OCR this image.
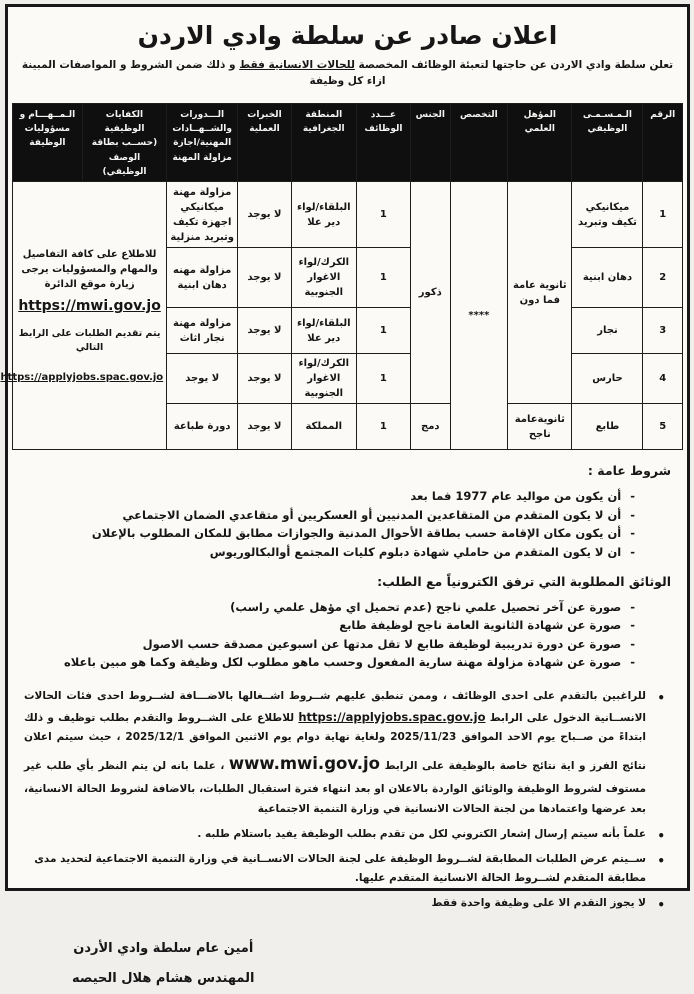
اعلان صادر عن سلطة وادي الاردن

تعلن سلطة وادي الاردن عن حاجتها لتعبئة الوظائف المخصصة للحالات الانسانية فقط و ذلك ضمن الشروط و المواصفات المبينة ازاء كل وظيفة

الرقم	الـمـسـمـى الوظيفي	المؤهل العلمي	التخصص	الجنس	عـــدد الوظائف	المنطقة الجغرافية	الخبرات العملية	الـــدورات والشــهــادات المهنية/اجازة مزاولة المهنة	الكفايات الوظيفية (حســب بطاقة الوصف الوظيفي)	الـمــهـــام و مسؤوليات الوظيفة
1	ميكانيكي تكيف وتبريد	ثانوية عامة فما دون	****	ذكور	1	البلقاء/لواء دير علا	لا يوجد	مزاولة مهنة ميكانيكي اجهزة تكيف وتبريد منزلية	للاطلاع على كافة التفاصيل والمهام والمسؤوليات يرجى زيارة موقع الدائرة
https://mwi.gov.jo
يتم تقديم الطلبات على الرابط التالي
https://applyjobs.spac.gov.jo	
2	دهان ابنية				1	الكرك/لواء الاغوار الجنوبية	لا يوجد	مزاولة مهنه دهان ابنية		
3	نجار				1	البلقاء/لواء دير علا	لا يوجد	مزاولة مهنة نجار اثاث		
4	حارس				1	الكرك/لواء الاغوار الجنوبية	لا يوجد	لا يوجد		
5	طابع	ثانويةعامة ناجح		دمج	1	المملكة	لا يوجد	دورة طباعة		
شروط عامة :
-
أن يكون من مواليد عام 1977 فما بعد
-
أن لا يكون المتقدم من المتقاعدين المدنيين أو العسكريين أو متقاعدي الضمان الاجتماعي
-
أن يكون مكان الإقامة حسب بطاقة الأحوال المدنية والجوازات مطابق للمكان المطلوب بالإعلان
-
ان لا يكون المتقدم من حاملي شهادة دبلوم كليات المجتمع أوالبكالوريوس
الوثائق المطلوبة التي ترفق الكترونياً مع الطلب:
-
صورة عن آخر تحصيل علمي ناجح (عدم تحميل اي مؤهل علمي راسب)
-
صورة عن شهادة الثانوية العامة ناجح لوظيفة طابع
-
صورة عن دورة تدريبية لوظيفة طابع لا تقل مدتها عن اسبوعين مصدقة حسب الاصول
-
صورة عن شهادة مزاولة مهنة سارية المفعول وحسب ماهو مطلوب لكل وظيفة وكما هو مبين باعلاه
•
للراغبين بالتقدم على احدى الوظائف ، وممن تنطبق عليهم شــروط اشــغالها بالاضـــافة لشــروط احدى فئات الحالات الانســانية الدخول على الرابط https://applyjobs.spac.gov.jo للاطلاع على الشــروط والتقدم بطلب توظيف و ذلك ابتداءً من صــباح يوم الاحد الموافق 2025/11/23 ولغاية نهاية دوام يوم الاثنين الموافق 2025/12/1 ، حيث سيتم اعلان نتائج الفرز و اية نتائج خاصة بالوظيفة على الرابط www.mwi.gov.jo ، علما بانه لن يتم النظر بأي طلب غير مستوف لشروط الوظيفة والوثائق الواردة بالاعلان او بعد انتهاء فترة استقبال الطلبات، بالاضافة لشروط الحالة الانسانية، بعد عرضها واعتمادها من لجنة الحالات الانسانية في وزارة التنمية الاجتماعية
•
علماً بأنه سيتم إرسال إشعار الكتروني لكل من تقدم بطلب الوظيفة يفيد باستلام طلبه .
•
ســيتم عرض الطلبات المطابقة لشــروط الوظيفة على لجنة الحالات الانســانية في وزارة التنمية الاجتماعية لتحديد مدى مطابقة المتقدم لشــروط الحالة الانسانية المتقدم عليها.
•
لا يجوز التقدم الا على وظيفة واحدة فقط
أمين عام سلطة وادي الأردن
المهندس هشام هلال الحيصه
